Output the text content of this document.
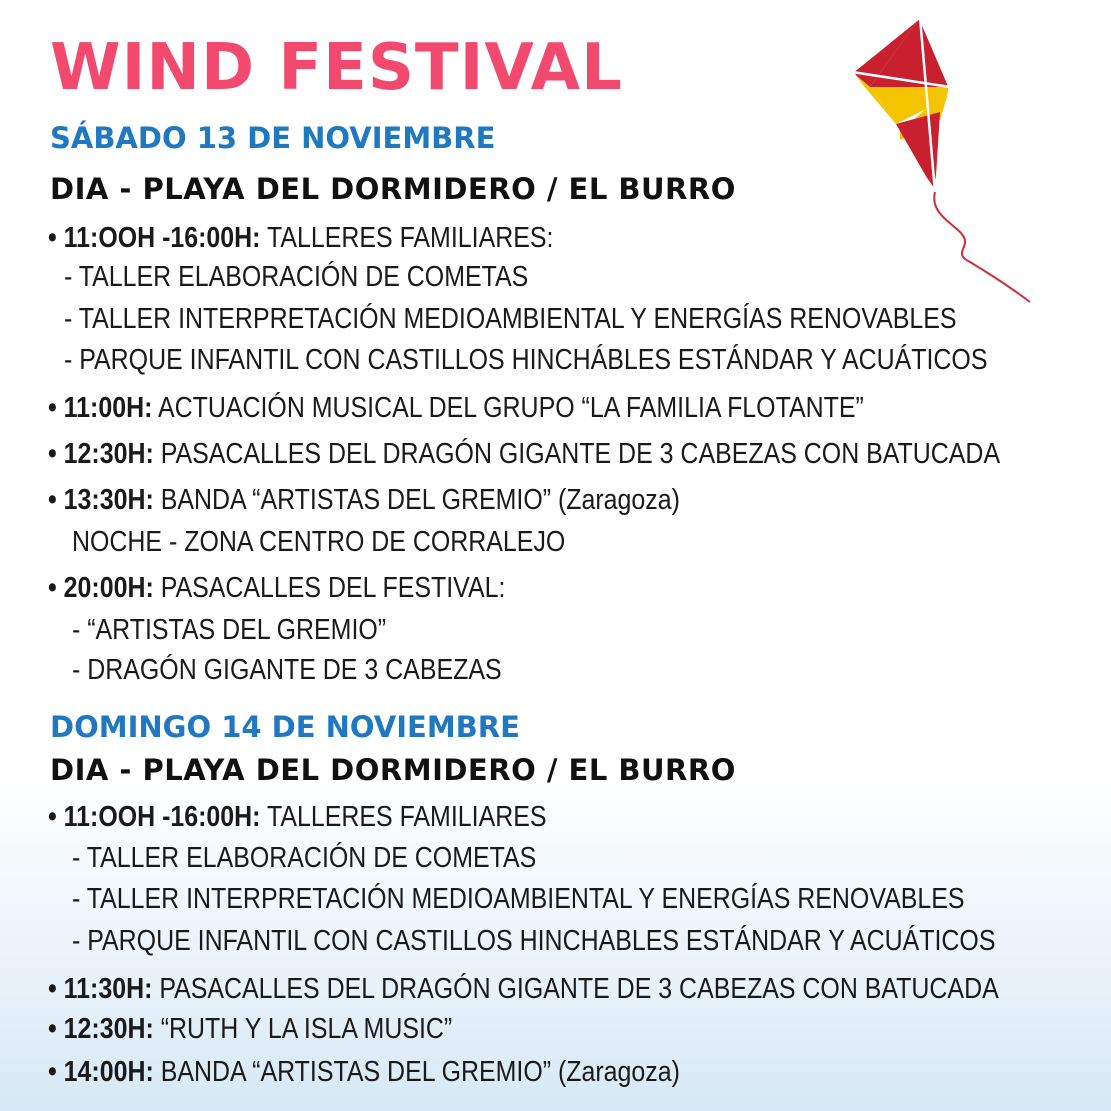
WIND FESTIVAL
SÁBADO 13 DE NOVIEMBRE
DIA - PLAYA DEL DORMIDERO / EL BURRO
• 11:OOH -16:00H: TALLERES FAMILIARES:
- TALLER ELABORACIÓN DE COMETAS
- TALLER INTERPRETACIÓN MEDIOAMBIENTAL Y ENERGÍAS RENOVABLES
- PARQUE INFANTIL CON CASTILLOS HINCHÁBLES ESTÁNDAR Y ACUÁTICOS
• 11:00H: ACTUACIÓN MUSICAL DEL GRUPO “LA FAMILIA FLOTANTE”
• 12:30H: PASACALLES DEL DRAGÓN GIGANTE DE 3 CABEZAS CON BATUCADA
• 13:30H: BANDA “ARTISTAS DEL GREMIO” (Zaragoza)
NOCHE - ZONA CENTRO DE CORRALEJO
• 20:00H: PASACALLES DEL FESTIVAL:
- “ARTISTAS DEL GREMIO”
- DRAGÓN GIGANTE DE 3 CABEZAS
DOMINGO 14 DE NOVIEMBRE
DIA - PLAYA DEL DORMIDERO / EL BURRO
• 11:OOH -16:00H: TALLERES FAMILIARES
- TALLER ELABORACIÓN DE COMETAS
- TALLER INTERPRETACIÓN MEDIOAMBIENTAL Y ENERGÍAS RENOVABLES
- PARQUE INFANTIL CON CASTILLOS HINCHABLES ESTÁNDAR Y ACUÁTICOS
• 11:30H: PASACALLES DEL DRAGÓN GIGANTE DE 3 CABEZAS CON BATUCADA
• 12:30H: “RUTH Y LA ISLA MUSIC”
• 14:00H: BANDA “ARTISTAS DEL GREMIO” (Zaragoza)
